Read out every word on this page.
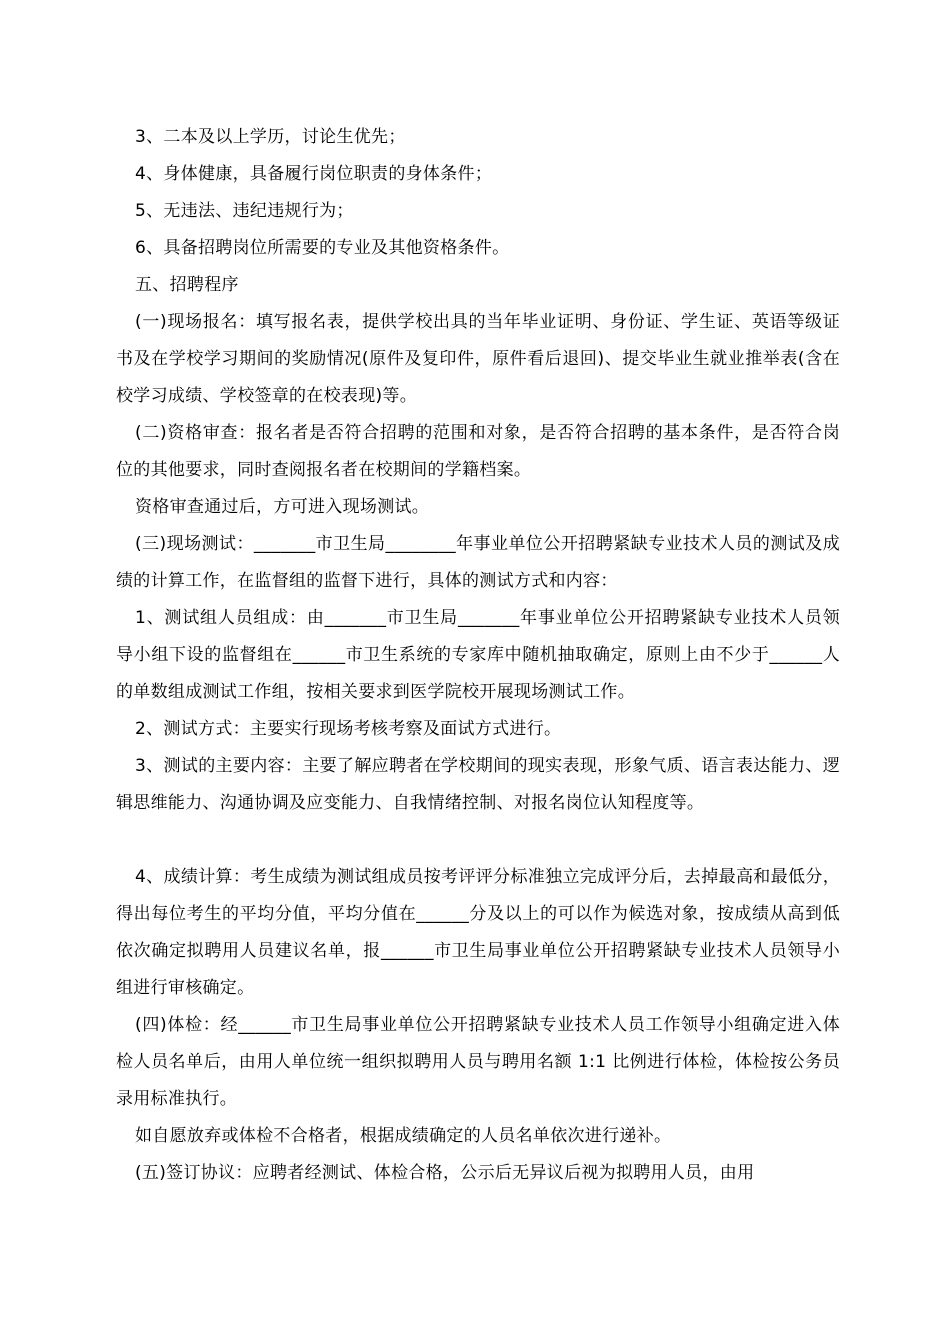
3、二本及以上学历，讨论生优先；

4、身体健康，具备履行岗位职责的身体条件；

5、无违法、违纪违规行为；

6、具备招聘岗位所需要的专业及其他资格条件。

五、招聘程序

(一)现场报名：填写报名表，提供学校出具的当年毕业证明、身份证、学生证、英语等级证书及在学校学习期间的奖励情况(原件及复印件，原件看后退回)、提交毕业生就业推举表(含在校学习成绩、学校签章的在校表现)等。

(二)资格审查：报名者是否符合招聘的范围和对象，是否符合招聘的基本条件，是否符合岗位的其他要求，同时查阅报名者在校期间的学籍档案。

资格审查通过后，方可进入现场测试。

(三)现场测试：_______市卫生局________年事业单位公开招聘紧缺专业技术人员的测试及成绩的计算工作，在监督组的监督下进行，具体的测试方式和内容：

1、测试组人员组成：由_______市卫生局_______年事业单位公开招聘紧缺专业技术人员领导小组下设的监督组在______市卫生系统的专家库中随机抽取确定，原则上由不少于______人的单数组成测试工作组，按相关要求到医学院校开展现场测试工作。

2、测试方式：主要实行现场考核考察及面试方式进行。

3、测试的主要内容：主要了解应聘者在学校期间的现实表现，形象气质、语言表达能力、逻辑思维能力、沟通协调及应变能力、自我情绪控制、对报名岗位认知程度等。

4、成绩计算：考生成绩为测试组成员按考评评分标准独立完成评分后，去掉最高和最低分，得出每位考生的平均分值，平均分值在______分及以上的可以作为候选对象，按成绩从高到低依次确定拟聘用人员建议名单，报______市卫生局事业单位公开招聘紧缺专业技术人员领导小组进行审核确定。

(四)体检：经______市卫生局事业单位公开招聘紧缺专业技术人员工作领导小组确定进入体检人员名单后，由用人单位统一组织拟聘用人员与聘用名额 1:1 比例进行体检，体检按公务员录用标准执行。

如自愿放弃或体检不合格者，根据成绩确定的人员名单依次进行递补。

(五)签订协议：应聘者经测试、体检合格，公示后无异议后视为拟聘用人员，由用
